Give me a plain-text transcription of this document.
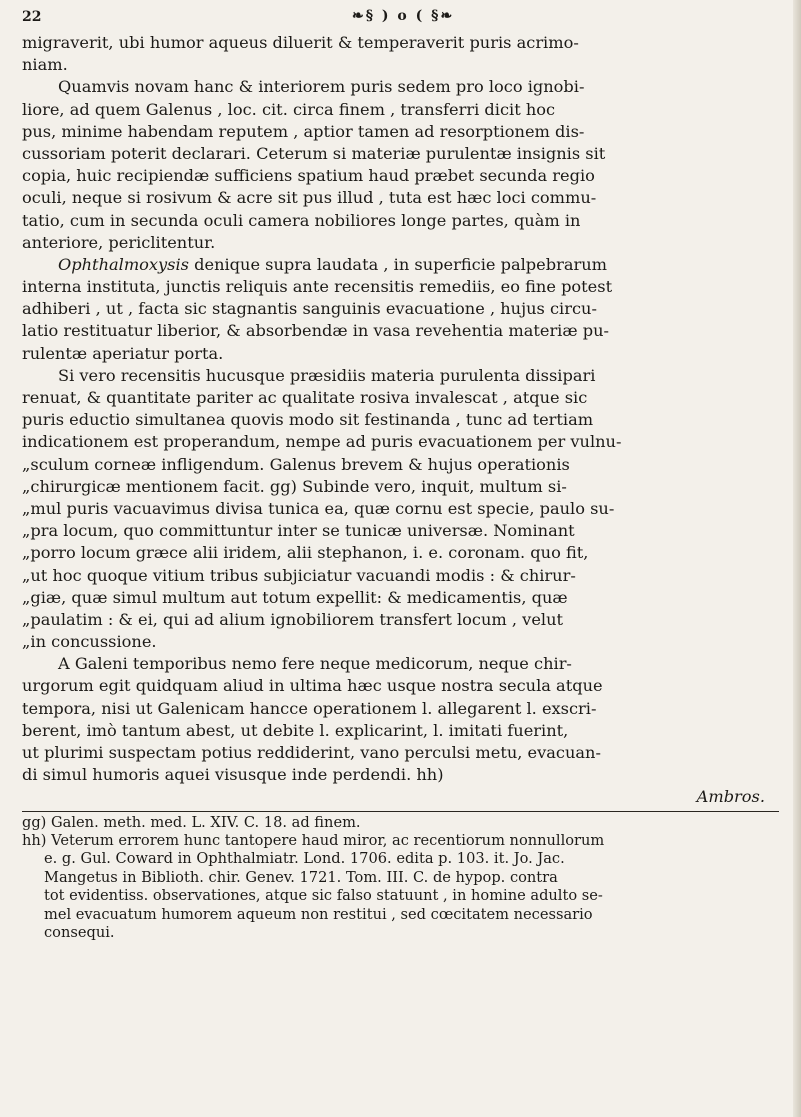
22	❧§ ) o ( §❧
migraverit, ubi humor aqueus diluerit & temperaverit puris acrimo-
niam.
Quamvis novam hanc & interiorem puris sedem pro loco ignobi-
liore, ad quem Galenus , loc. cit. circa finem , transferri dicit hoc
pus, minime habendam reputem , aptior tamen ad resorptionem dis-
cussoriam poterit declarari. Ceterum si materiæ purulentæ insignis sit
copia, huic recipiendæ sufficiens spatium haud præbet secunda regio
oculi, neque si rosivum & acre sit pus illud , tuta est hæc loci commu-
tatio, cum in secunda oculi camera nobiliores longe partes, quàm in
anteriore, periclitentur.
Ophthalmoxysis denique supra laudata , in superficie palpebrarum
interna instituta, junctis reliquis ante recensitis remediis, eo fine potest
adhiberi , ut , facta sic stagnantis sanguinis evacuatione , hujus circu-
latio restituatur liberior, & absorbendæ in vasa revehentia materiæ pu-
rulentæ aperiatur porta.
Si vero recensitis hucusque præsidiis materia purulenta dissipari
renuat, & quantitate pariter ac qualitate rosiva invalescat , atque sic
puris eductio simultanea quovis modo sit festinanda , tunc ad tertiam
indicationem est properandum, nempe ad puris evacuationem per vulnu-
„sculum corneæ infligendum. Galenus brevem & hujus operationis
„chirurgicæ mentionem facit. gg) Subinde vero, inquit, multum si-
„mul puris vacuavimus divisa tunica ea, quæ cornu est specie, paulo su-
„pra locum, quo committuntur inter se tunicæ universæ. Nominant
„porro locum græce alii iridem, alii stephanon, i. e. coronam. quo fit,
„ut hoc quoque vitium tribus subjiciatur vacuandi modis : & chirur-
„giæ, quæ simul multum aut totum expellit: & medicamentis, quæ
„paulatim : & ei, qui ad alium ignobiliorem transfert locum , velut
„in concussione.
A Galeni temporibus nemo fere neque medicorum, neque chir-
urgorum egit quidquam aliud in ultima hæc usque nostra secula atque
tempora, nisi ut Galenicam hancce operationem l. allegarent l. exscri-
berent, imò tantum abest, ut debite l. explicarint, l. imitati fuerint,
ut plurimi suspectam potius reddiderint, vano perculsi metu, evacuan-
di simul humoris aquei visusque inde perdendi. hh)
Ambros.
gg) Galen. meth. med. L. XIV. C. 18. ad finem.
hh) Veterum errorem hunc tantopere haud miror, ac recentiorum nonnullorum
e. g. Gul. Coward in Ophthalmiatr. Lond. 1706. edita p. 103. it. Jo. Jac.
Mangetus in Biblioth. chir. Genev. 1721. Tom. III. C. de hypop. contra
tot evidentiss. observationes, atque sic falso statuunt , in homine adulto se-
mel evacuatum humorem aqueum non restitui , sed cœcitatem necessario
consequi.
